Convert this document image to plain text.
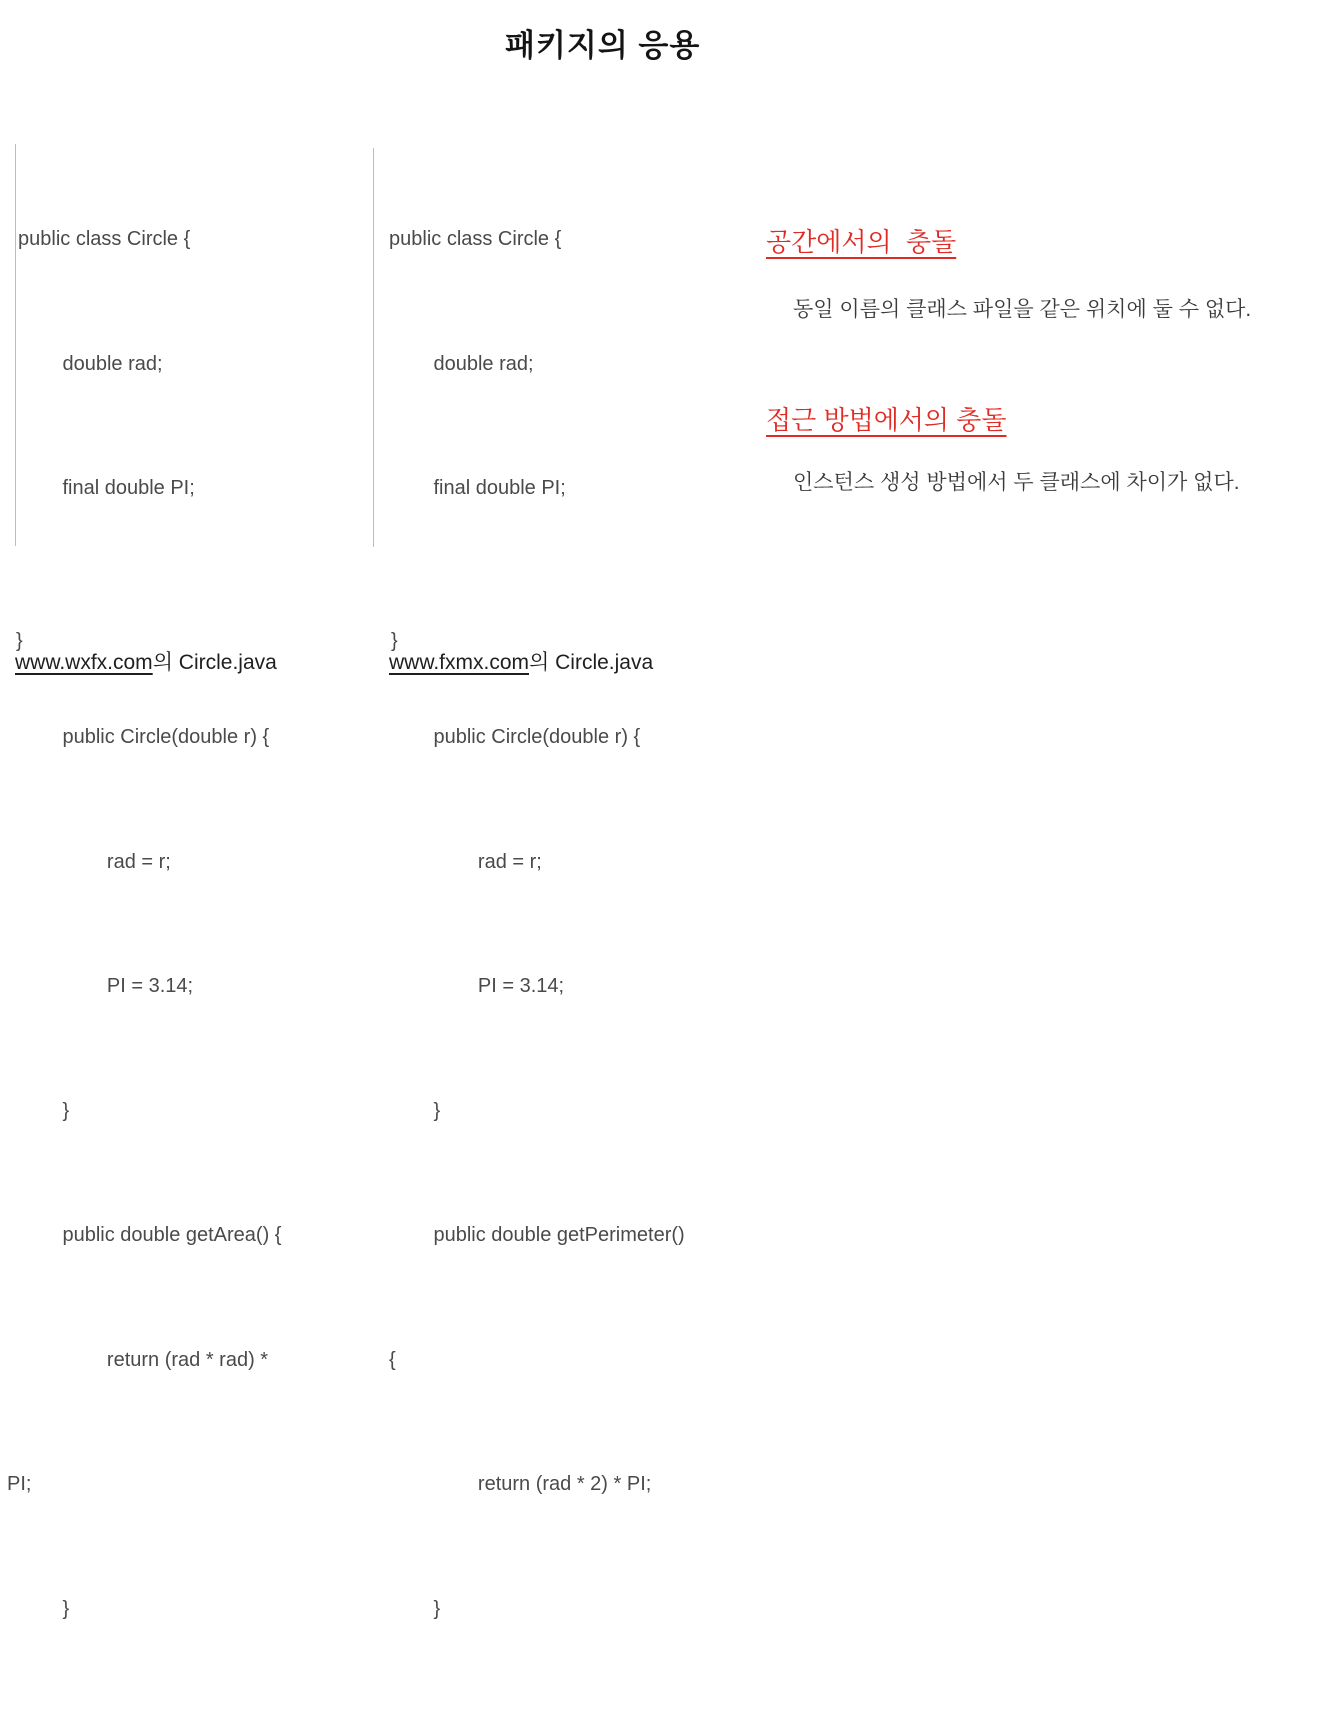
패키지의 응용

public class Circle {

double rad;

final double PI;

public Circle(double r) {

rad = r;

PI = 3.14;

}

public double getArea() {

return (rad * rad) *

PI;

}

}
www.wxfx.com의 Circle.java

public class Circle {

double rad;

final double PI;

public Circle(double r) {

rad = r;

PI = 3.14;

}

public double getPerimeter()

{

return (rad * 2) * PI;

}

}
www.fxmx.com의 Circle.java
공간에서의  충돌

동일 이름의 클래스 파일을 같은 위치에 둘 수 없다.

접근 방법에서의 충돌

인스턴스 생성 방법에서 두 클래스에 차이가 없다.
